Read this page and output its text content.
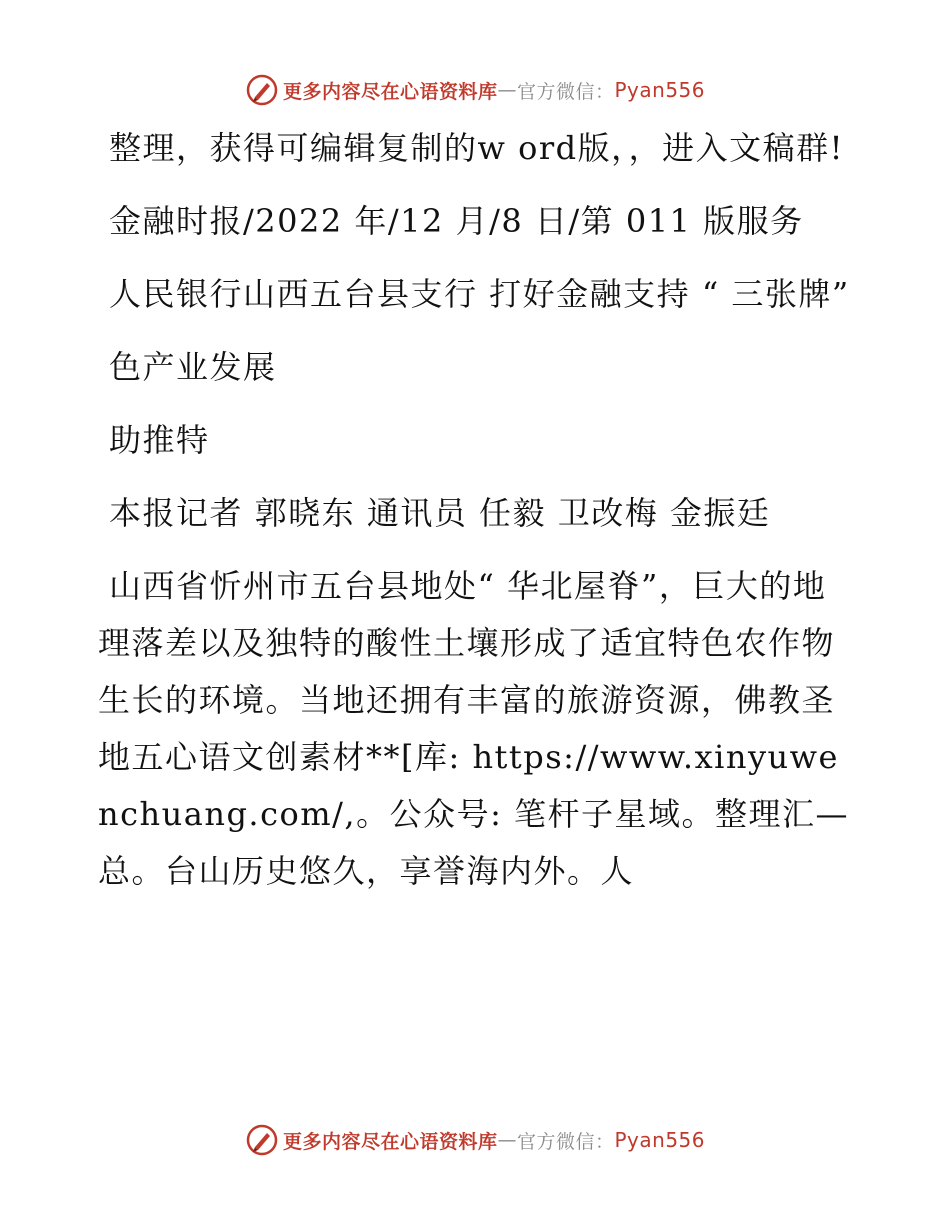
更多内容尽在心语资料库 — 官方微信： Pyan556

整理，获得可编辑复制的w ord版，，进入文稿群!

金融时报/2022 年/12 月/8 日/第 011 版服务

人民银行山西五台县支行 打好金融支持 “ 三张牌”

色产业发展

助推特

本报记者 郭晓东 通讯员 任毅 卫改梅 金振廷

山西省忻州市五台县地处“ 华北屋脊”，巨大的地理落差以及独特的酸性土壤形成了适宜特色农作物生长的环境。当地还拥有丰富的旅游资源，佛教圣地五心语文创素材**[库: https://www.xinyuwenchuang.com/,。公众号: 笔杆子星域。整理汇—总。台山历史悠久，享誉海内外。人

更多内容尽在心语资料库 — 官方微信： Pyan556
